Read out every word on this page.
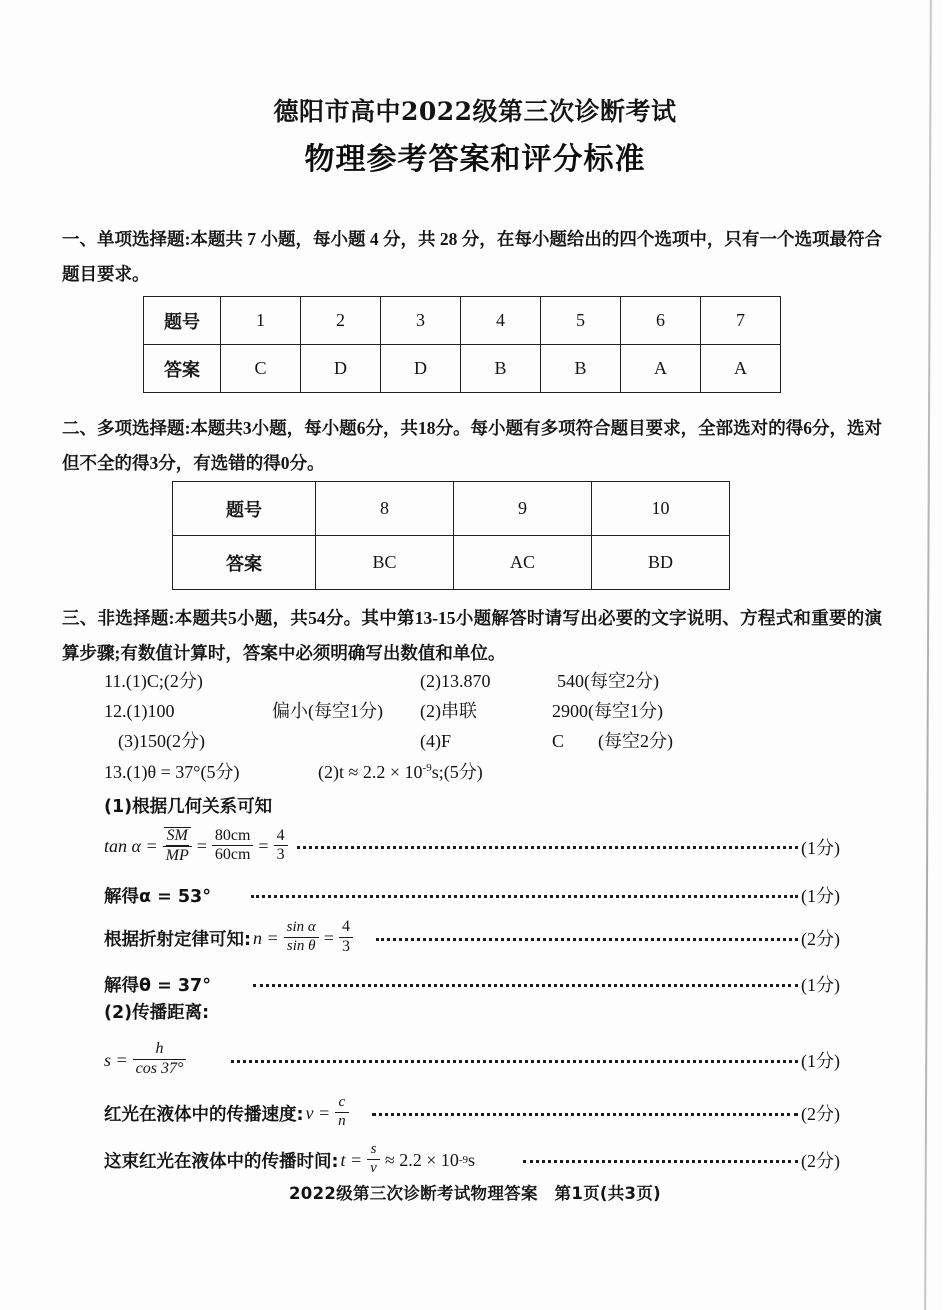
德阳市高中2022级第三次诊断考试
物理参考答案和评分标准
一、单项选择题:本题共 7 小题，每小题 4 分，共 28 分，在每小题给出的四个选项中，只有一个选项最符合题目要求。
题号	1	2	3	4	5	6	7
答案	C	D	D	B	B	A	A
二、多项选择题:本题共3小题，每小题6分，共18分。每小题有多项符合题目要求，全部选对的得6分，选对但不全的得3分，有选错的得0分。
题号	8	9	10
答案	BC	AC	BD
三、非选择题:本题共5小题，共54分。其中第13-15小题解答时请写出必要的文字说明、方程式和重要的演算步骤;有数值计算时，答案中必须明确写出数值和单位。
11.(1)C;(2分)	(2)13.870	540(每空2分)
12.(1)100	偏小(每空1分) (2)串联	2900(每空1分)
(3)150(2分)	(4)F	C (每空2分)
13.(1)θ = 37°(5分)	$(2)t \approx 2.2 \times 10^{-9}s;(5$分)
(1)根据几何关系可知
$\tan \alpha = \frac{SM}{MP} = \frac{80cm}{60cm} = \frac{4}{3}$	(1分)
解得α = 53°	(1分)
根据折射定律可知: $n = \frac{\text{sin α}}{\text{sin θ}} = \frac{4}{3}$	(2分)
解得θ = 37°	(1分)
(2)传播距离:
$s = \frac{h}{\cos 37^\circ}$	(1分)
红光在液体中的传播速度: $v = \frac{c}{n}$	(2分)
这束红光在液体中的传播时间: $t = \frac{s}{v} \approx 2.2 \times 10$ -9 s	(2分)
2022级第三次诊断考试物理答案　第1页(共3页)
